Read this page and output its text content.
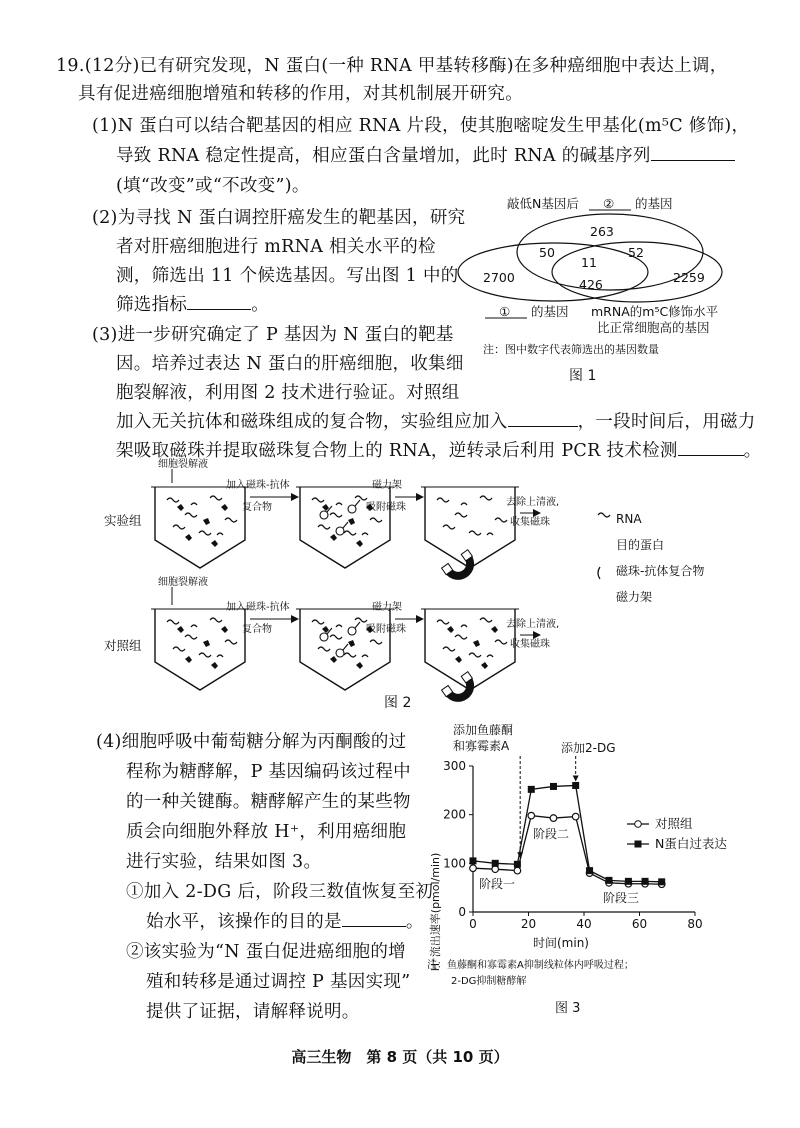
19.(12分)已有研究发现，N 蛋白(一种 RNA 甲基转移酶)在多种癌细胞中表达上调，
具有促进癌细胞增殖和转移的作用，对其机制展开研究。
(1)N 蛋白可以结合靶基因的相应 RNA 片段，使其胞嘧啶发生甲基化(m⁵C 修饰)，
导致 RNA 稳定性提高，相应蛋白含量增加，此时 RNA 的碱基序列
(填“改变”或“不改变”)。
(2)为寻找 N 蛋白调控肝癌发生的靶基因，研究
者对肝癌细胞进行 mRNA 相关水平的检
测，筛选出 11 个候选基因。写出图 1 中的
筛选指标	。
(3)进一步研究确定了 P 基因为 N 蛋白的靶基
因。培养过表达 N 蛋白的肝癌细胞，收集细
胞裂解液，利用图 2 技术进行验证。对照组
加入无关抗体和磁珠组成的复合物，实验组应加入	，一段时间后，用磁力
架吸取磁珠并提取磁珠复合物上的 RNA，逆转录后利用 PCR 技术检测	。
敲低N基因后 ② 的基因
263
50
11
52
2700	426	2259
① 的基因 mRNA的m⁵C修饰水平
比正常细胞高的基因
注：图中数字代表筛选出的基因数量
图 1
实验组
细胞裂解液
加入磁珠-抗体
复合物
磁力架
吸附磁珠	去除上清液,
收集磁珠	RNA
目的蛋白
磁珠-抗体复合物
磁力架
对照组
细胞裂解液
加入磁珠-抗体
复合物
磁力架
吸附磁珠	去除上清液,
收集磁珠
图 2
(4)细胞呼吸中葡萄糖分解为丙酮酸的过
程称为糖酵解，P 基因编码该过程中
的一种关键酶。糖酵解产生的某些物
质会向细胞外释放 H⁺，利用癌细胞
进行实验，结果如图 3。
①加入 2-DG 后，阶段三数值恢复至初
始水平，该操作的目的是	。
②该实验为“N 蛋白促进癌细胞的增
殖和转移是通过调控 P 基因实现”
提供了证据，请解释说明。
添加鱼藤酮
和寡霉素A	添加2-DG
H⁺流出速率(pmol/min)	时间(min)
阶段一
阶段二
阶段三
注：鱼藤酮和寡霉素A抑制线粒体内呼吸过程；
2-DG抑制糖酵解
图 3
0	20	40	60	80
0
100
200
300
对照组
N蛋白过表达
高三生物　第 8 页（共 10 页）
